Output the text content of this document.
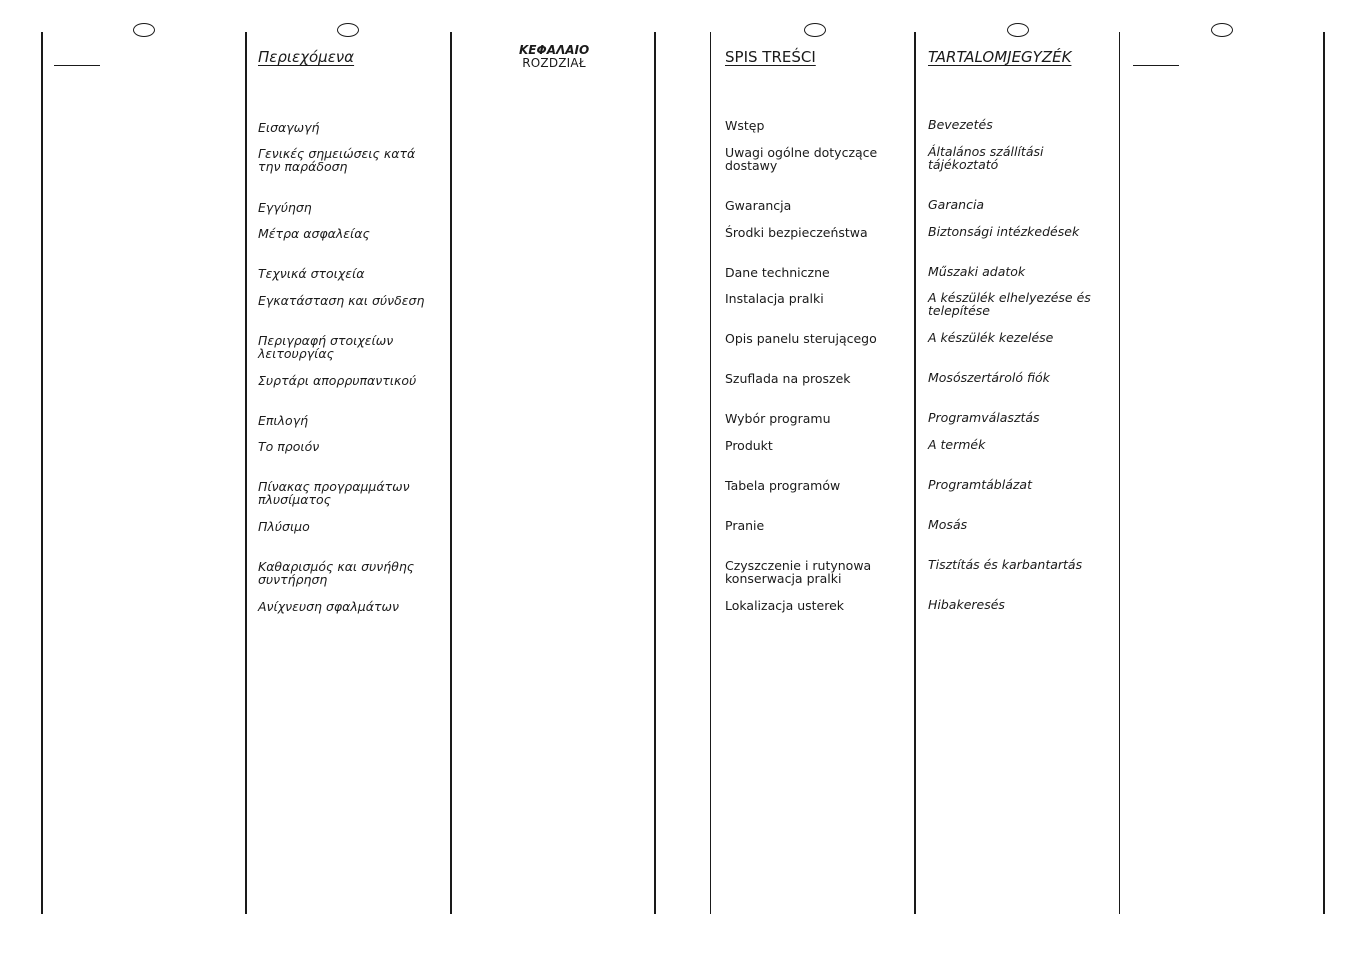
Περιεχόμενα
Εισαγωγή
Γενικές σημειώσεις κατά την παράδοση
Εγγύηση
Μέτρα ασφαλείας
Τεχνικά στοιχεία
Εγκατάσταση και σύνδεση
Περιγραφή στοιχείων λειτουργίας
Συρτάρι απορρυπαντικού
Επιλογή
Το προιόν
Πίνακας προγραμμάτων πλυσίματος
Πλύσιμο
Καθαρισμός και συνήθης συντήρηση
Ανίχνευση σφαλμάτων
ΚΕΦΑΛΑΙΟ
ROZDZIAŁ	SPIS TREŚCI
Wstęp
Uwagi ogólne dotyczące dostawy
Gwarancja
Środki bezpieczeństwa
Dane techniczne
Instalacja pralki
Opis panelu sterującego
Szuflada na proszek
Wybór programu
Produkt
Tabela programów
Pranie
Czyszczenie i rutynowa konserwacja pralki
Lokalizacja usterek
TARTALOMJEGYZÉK
Bevezetés
Általános szállítási tájékoztató
Garancia
Biztonsági intézkedések
Műszaki adatok
A készülék elhelyezése és telepítése
A készülék kezelése
Mosószertároló fiók
Programválasztás
A termék
Programtáblázat
Mosás
Tisztítás és karbantartás
Hibakeresés
